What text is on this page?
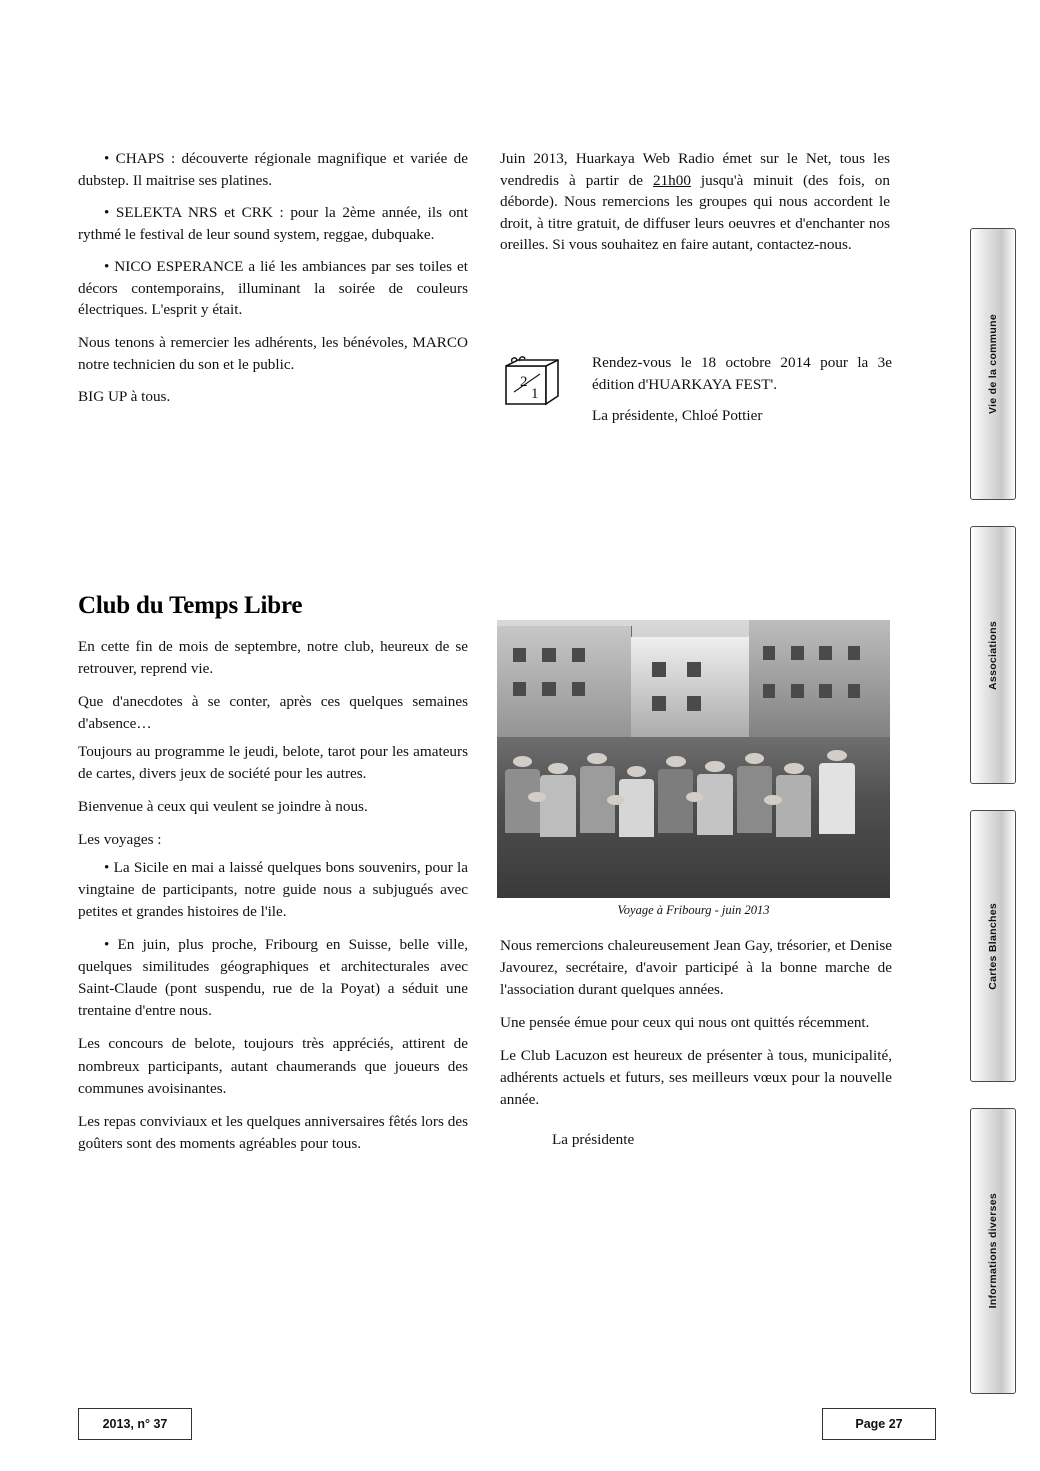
• CHAPS : découverte régionale magnifique et variée de dubstep. Il maitrise ses platines.

• SELEKTA NRS et CRK : pour la 2ème année, ils ont rythmé le festival de leur sound system, reggae, dubquake.

• NICO ESPERANCE a lié les ambiances par ses toiles et décors contemporains, illuminant la soirée de couleurs électriques. L'esprit y était.

Nous tenons à remercier les adhérents, les bénévoles, MARCO notre technicien du son et le public.

BIG UP à tous.

Juin 2013, Huarkaya Web Radio émet sur le Net, tous les vendredis à partir de 21h00 jusqu'à minuit (des fois, on déborde). Nous remercions les groupes qui nous accordent le droit, à titre gratuit, de diffuser leurs oeuvres et d'enchanter nos oreilles. Si vous souhaitez en faire autant, contactez-nous.

2
1
Rendez-vous le 18 octobre 2014 pour la 3e édition d'HUARKAYA FEST'.
La présidente, Chloé Pottier
Club du Temps Libre

En cette fin de mois de septembre, notre club, heureux de se retrouver, reprend vie.

Que d'anecdotes à se conter, après ces quelques semaines d'absence…

Toujours au programme le jeudi, belote, tarot pour les amateurs de cartes, divers jeux de société pour les autres.

Bienvenue à ceux qui veulent se joindre à nous.

Les voyages :

• La Sicile en mai a laissé quelques bons souvenirs, pour la vingtaine de participants, notre guide nous a subjugués avec petites et grandes histoires de l'ile.

• En juin, plus proche, Fribourg en Suisse, belle ville, quelques similitudes géographiques et architecturales avec Saint-Claude (pont suspendu, rue de la Poyat) a séduit une trentaine d'entre nous.

Les concours de belote, toujours très appréciés, attirent de nombreux participants, autant chaumerands que joueurs des communes avoisinantes.

Les repas conviviaux et les quelques anniversaires fêtés lors des goûters sont des moments agréables pour tous.

Voyage à Fribourg - juin 2013

Nous remercions chaleureusement Jean Gay, trésorier, et Denise Javourez, secrétaire, d'avoir participé à la bonne marche de l'association durant quelques années.

Une pensée émue pour ceux qui nous ont quittés récemment.

Le Club Lacuzon est heureux de présenter à tous, municipalité, adhérents actuels et futurs, ses meilleurs vœux pour la nouvelle année.

La présidente

Vie de la commune
Associations
Cartes Blanches
Informations diverses
2013, n° 37	Page 27
